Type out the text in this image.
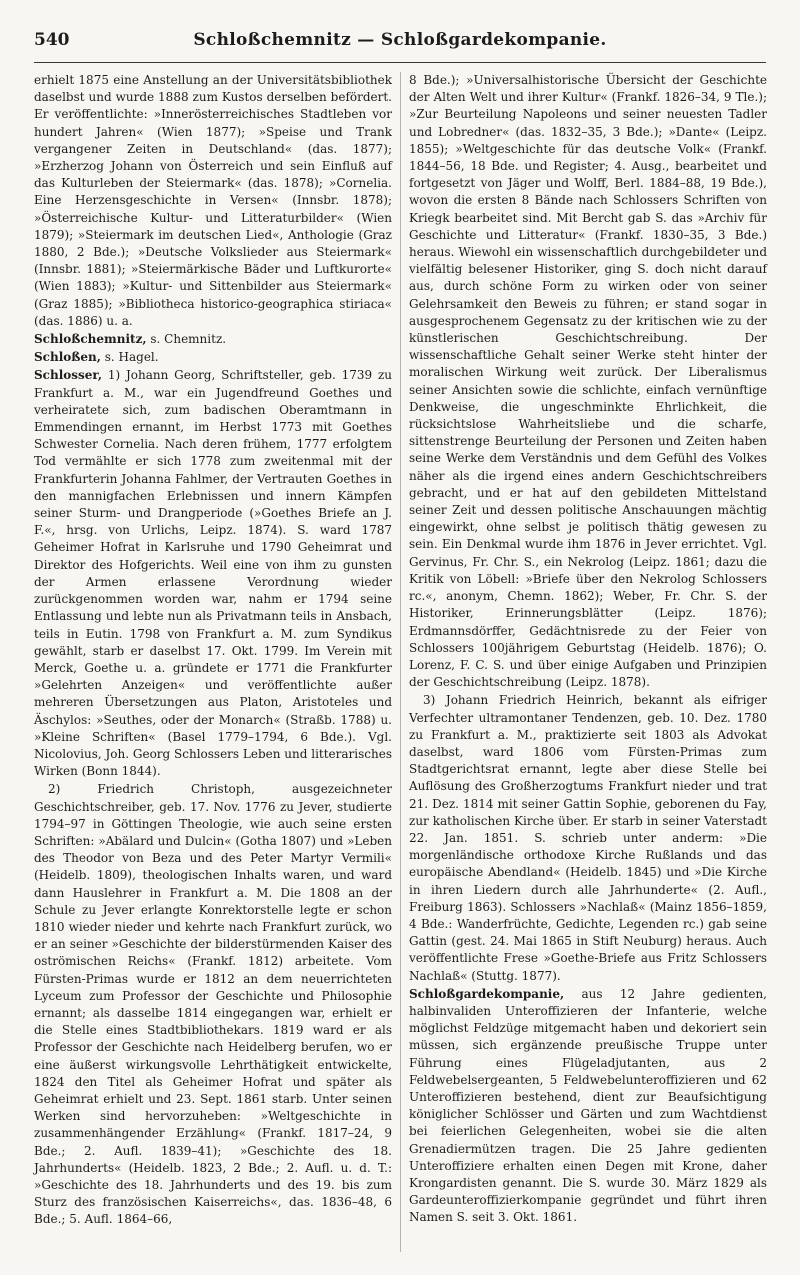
540	Schloßchemnitz — Schloßgardekompanie.

erhielt 1875 eine Anstellung an der Universitätsbibliothek daselbst und wurde 1888 zum Kustos derselben befördert. Er veröffentlichte: »Innerösterreichisches Stadtleben vor hundert Jahren« (Wien 1877); »Speise und Trank vergangener Zeiten in Deutschland« (das. 1877); »Erzherzog Johann von Österreich und sein Einfluß auf das Kulturleben der Steiermark« (das. 1878); »Cornelia. Eine Herzensgeschichte in Versen« (Innsbr. 1878); »Österreichische Kultur- und Litteraturbilder« (Wien 1879); »Steiermark im deutschen Lied«, Anthologie (Graz 1880, 2 Bde.); »Deutsche Volkslieder aus Steiermark« (Innsbr. 1881); »Steiermärkische Bäder und Luftkurorte« (Wien 1883); »Kultur- und Sittenbilder aus Steiermark« (Graz 1885); »Bibliotheca historico-geographica stiriaca« (das. 1886) u. a.

Schloßchemnitz, s. Chemnitz.

Schloßen, s. Hagel.

Schlosser, 1) Johann Georg, Schriftsteller, geb. 1739 zu Frankfurt a. M., war ein Jugendfreund Goethes und verheiratete sich, zum badischen Oberamtmann in Emmendingen ernannt, im Herbst 1773 mit Goethes Schwester Cornelia. Nach deren frühem, 1777 erfolgtem Tod vermählte er sich 1778 zum zweitenmal mit der Frankfurterin Johanna Fahlmer, der Vertrauten Goethes in den mannigfachen Erlebnissen und innern Kämpfen seiner Sturm- und Drangperiode (»Goethes Briefe an J. F.«, hrsg. von Urlichs, Leipz. 1874). S. ward 1787 Geheimer Hofrat in Karlsruhe und 1790 Geheimrat und Direktor des Hofgerichts. Weil eine von ihm zu gunsten der Armen erlassene Verordnung wieder zurückgenommen worden war, nahm er 1794 seine Entlassung und lebte nun als Privatmann teils in Ansbach, teils in Eutin. 1798 von Frankfurt a. M. zum Syndikus gewählt, starb er daselbst 17. Okt. 1799. Im Verein mit Merck, Goethe u. a. gründete er 1771 die Frankfurter »Gelehrten Anzeigen« und veröffentlichte außer mehreren Übersetzungen aus Platon, Aristoteles und Äschylos: »Seuthes, oder der Monarch« (Straßb. 1788) u. »Kleine Schriften« (Basel 1779–1794, 6 Bde.). Vgl. Nicolovius, Joh. Georg Schlossers Leben und litterarisches Wirken (Bonn 1844).

2) Friedrich Christoph, ausgezeichneter Geschichtschreiber, geb. 17. Nov. 1776 zu Jever, studierte 1794–97 in Göttingen Theologie, wie auch seine ersten Schriften: »Abälard und Dulcin« (Gotha 1807) und »Leben des Theodor von Beza und des Peter Martyr Vermili« (Heidelb. 1809), theologischen Inhalts waren, und ward dann Hauslehrer in Frankfurt a. M. Die 1808 an der Schule zu Jever erlangte Konrektorstelle legte er schon 1810 wieder nieder und kehrte nach Frankfurt zurück, wo er an seiner »Geschichte der bilderstürmenden Kaiser des oströmischen Reichs« (Frankf. 1812) arbeitete. Vom Fürsten-Primas wurde er 1812 an dem neuerrichteten Lyceum zum Professor der Geschichte und Philosophie ernannt; als dasselbe 1814 eingegangen war, erhielt er die Stelle eines Stadtbibliothekars. 1819 ward er als Professor der Geschichte nach Heidelberg berufen, wo er eine äußerst wirkungsvolle Lehrthätigkeit entwickelte, 1824 den Titel als Geheimer Hofrat und später als Geheimrat erhielt und 23. Sept. 1861 starb. Unter seinen Werken sind hervorzuheben: »Weltgeschichte in zusammenhängender Erzählung« (Frankf. 1817–24, 9 Bde.; 2. Aufl. 1839–41); »Geschichte des 18. Jahrhunderts« (Heidelb. 1823, 2 Bde.; 2. Aufl. u. d. T.: »Geschichte des 18. Jahrhunderts und des 19. bis zum Sturz des französischen Kaiserreichs«, das. 1836–48, 6 Bde.; 5. Aufl. 1864–66,

8 Bde.); »Universalhistorische Übersicht der Geschichte der Alten Welt und ihrer Kultur« (Frankf. 1826–34, 9 Tle.); »Zur Beurteilung Napoleons und seiner neuesten Tadler und Lobredner« (das. 1832–35, 3 Bde.); »Dante« (Leipz. 1855); »Weltgeschichte für das deutsche Volk« (Frankf. 1844–56, 18 Bde. und Register; 4. Ausg., bearbeitet und fortgesetzt von Jäger und Wolff, Berl. 1884–88, 19 Bde.), wovon die ersten 8 Bände nach Schlossers Schriften von Kriegk bearbeitet sind. Mit Bercht gab S. das »Archiv für Geschichte und Litteratur« (Frankf. 1830–35, 3 Bde.) heraus. Wiewohl ein wissenschaftlich durchgebildeter und vielfältig belesener Historiker, ging S. doch nicht darauf aus, durch schöne Form zu wirken oder von seiner Gelehrsamkeit den Beweis zu führen; er stand sogar in ausgesprochenem Gegensatz zu der kritischen wie zu der künstlerischen Geschichtschreibung. Der wissenschaftliche Gehalt seiner Werke steht hinter der moralischen Wirkung weit zurück. Der Liberalismus seiner Ansichten sowie die schlichte, einfach vernünftige Denkweise, die ungeschminkte Ehrlichkeit, die rücksichtslose Wahrheitsliebe und die scharfe, sittenstrenge Beurteilung der Personen und Zeiten haben seine Werke dem Verständnis und dem Gefühl des Volkes näher als die irgend eines andern Geschichtschreibers gebracht, und er hat auf den gebildeten Mittelstand seiner Zeit und dessen politische Anschauungen mächtig eingewirkt, ohne selbst je politisch thätig gewesen zu sein. Ein Denkmal wurde ihm 1876 in Jever errichtet. Vgl. Gervinus, Fr. Chr. S., ein Nekrolog (Leipz. 1861; dazu die Kritik von Löbell: »Briefe über den Nekrolog Schlossers rc.«, anonym, Chemn. 1862); Weber, Fr. Chr. S. der Historiker, Erinnerungsblätter (Leipz. 1876); Erdmannsdörffer, Gedächtnisrede zu der Feier von Schlossers 100jährigem Geburtstag (Heidelb. 1876); O. Lorenz, F. C. S. und über einige Aufgaben und Prinzipien der Geschichtschreibung (Leipz. 1878).

3) Johann Friedrich Heinrich, bekannt als eifriger Verfechter ultramontaner Tendenzen, geb. 10. Dez. 1780 zu Frankfurt a. M., praktizierte seit 1803 als Advokat daselbst, ward 1806 vom Fürsten-Primas zum Stadtgerichtsrat ernannt, legte aber diese Stelle bei Auflösung des Großherzogtums Frankfurt nieder und trat 21. Dez. 1814 mit seiner Gattin Sophie, geborenen du Fay, zur katholischen Kirche über. Er starb in seiner Vaterstadt 22. Jan. 1851. S. schrieb unter anderm: »Die morgenländische orthodoxe Kirche Rußlands und das europäische Abendland« (Heidelb. 1845) und »Die Kirche in ihren Liedern durch alle Jahrhunderte« (2. Aufl., Freiburg 1863). Schlossers »Nachlaß« (Mainz 1856–1859, 4 Bde.: Wanderfrüchte, Gedichte, Legenden rc.) gab seine Gattin (gest. 24. Mai 1865 in Stift Neuburg) heraus. Auch veröffentlichte Frese »Goethe-Briefe aus Fritz Schlossers Nachlaß« (Stuttg. 1877).

Schloßgardekompanie, aus 12 Jahre gedienten, halbinvaliden Unteroffizieren der Infanterie, welche möglichst Feldzüge mitgemacht haben und dekoriert sein müssen, sich ergänzende preußische Truppe unter Führung eines Flügeladjutanten, aus 2 Feldwebelsergeanten, 5 Feldwebelunteroffizieren und 62 Unteroffizieren bestehend, dient zur Beaufsichtigung königlicher Schlösser und Gärten und zum Wachtdienst bei feierlichen Gelegenheiten, wobei sie die alten Grenadiermützen tragen. Die 25 Jahre gedienten Unteroffiziere erhalten einen Degen mit Krone, daher Krongardisten genannt. Die S. wurde 30. März 1829 als Gardeunteroffizierkompanie gegründet und führt ihren Namen S. seit 3. Okt. 1861.
